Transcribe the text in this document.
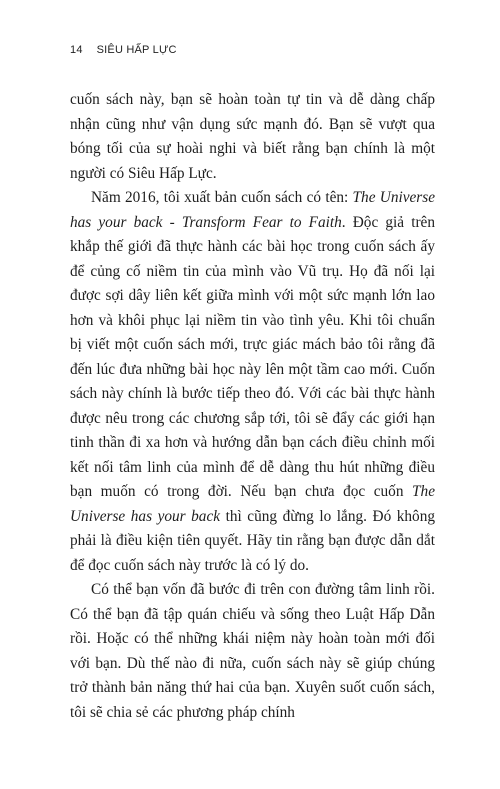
14 SIÊU HẤP LỰC

cuốn sách này, bạn sẽ hoàn toàn tự tin và dễ dàng chấp nhận cũng như vận dụng sức mạnh đó. Bạn sẽ vượt qua bóng tối của sự hoài nghi và biết rằng bạn chính là một người có Siêu Hấp Lực.

Năm 2016, tôi xuất bản cuốn sách có tên: The Universe has your back - Transform Fear to Faith. Độc giả trên khắp thế giới đã thực hành các bài học trong cuốn sách ấy để củng cố niềm tin của mình vào Vũ trụ. Họ đã nối lại được sợi dây liên kết giữa mình với một sức mạnh lớn lao hơn và khôi phục lại niềm tin vào tình yêu. Khi tôi chuẩn bị viết một cuốn sách mới, trực giác mách bảo tôi rằng đã đến lúc đưa những bài học này lên một tầm cao mới. Cuốn sách này chính là bước tiếp theo đó. Với các bài thực hành được nêu trong các chương sắp tới, tôi sẽ đẩy các giới hạn tinh thần đi xa hơn và hướng dẫn bạn cách điều chỉnh mối kết nối tâm linh của mình để dễ dàng thu hút những điều bạn muốn có trong đời. Nếu bạn chưa đọc cuốn The Universe has your back thì cũng đừng lo lắng. Đó không phải là điều kiện tiên quyết. Hãy tin rằng bạn được dẫn dắt để đọc cuốn sách này trước là có lý do.

Có thể bạn vốn đã bước đi trên con đường tâm linh rồi. Có thể bạn đã tập quán chiếu và sống theo Luật Hấp Dẫn rồi. Hoặc có thể những khái niệm này hoàn toàn mới đối với bạn. Dù thế nào đi nữa, cuốn sách này sẽ giúp chúng trở thành bản năng thứ hai của bạn. Xuyên suốt cuốn sách, tôi sẽ chia sẻ các phương pháp chính
